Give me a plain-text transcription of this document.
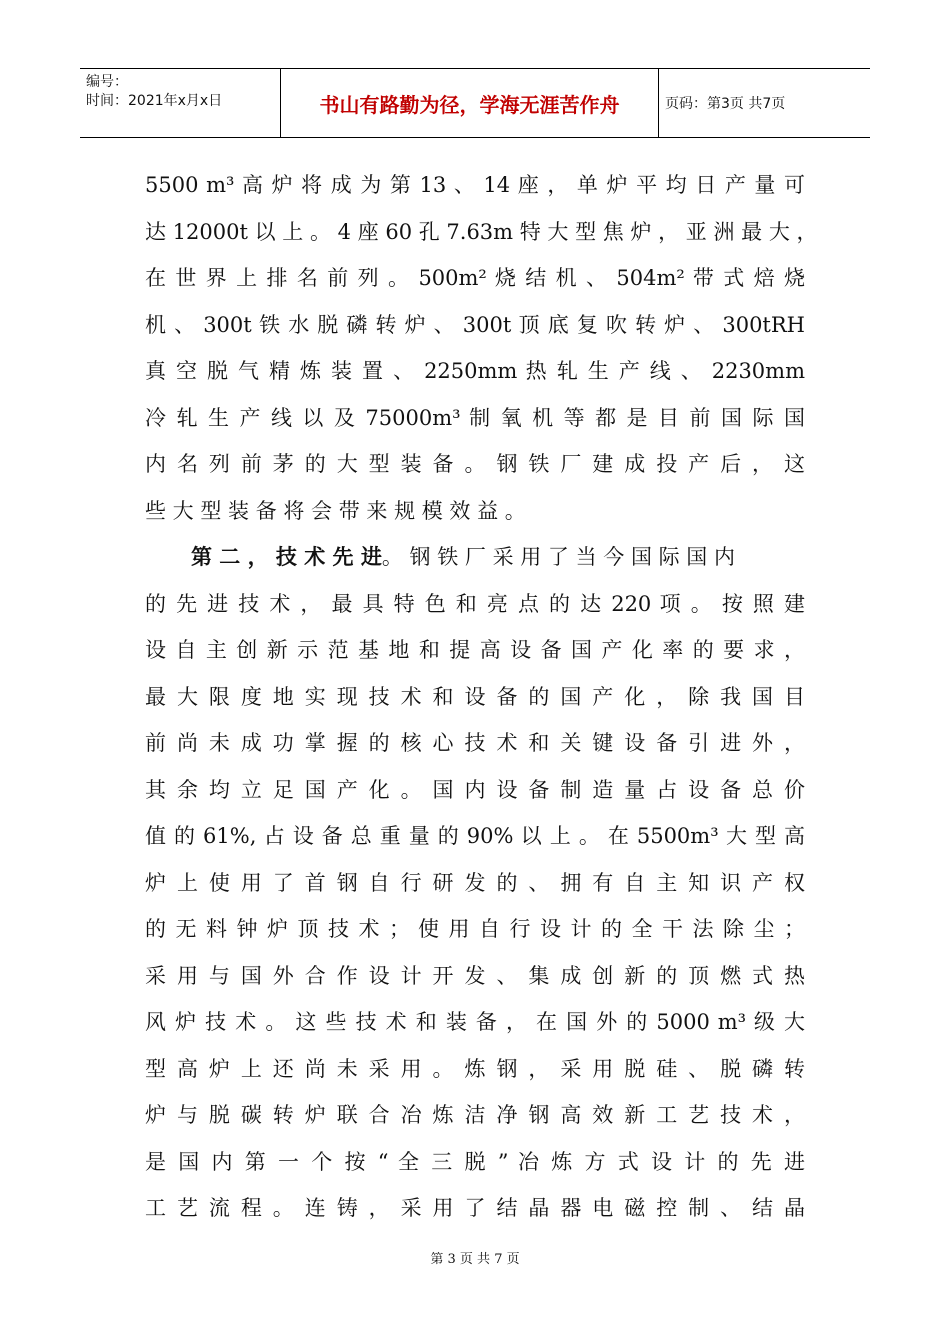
编号：
时间：2021年x月x日	书山有路勤为径，学海无涯苦作舟	页码：第3页 共7页
5500 m³ 高 炉 将 成 为 第 13 、 14 座 ， 单 炉 平 均 日 产 量 可
达 12000t 以 上 。 4 座 60 孔 7.63m 特 大 型 焦 炉 ， 亚 洲 最 大 ，
在 世 界 上 排 名 前 列 。 500m² 烧 结 机 、 504m² 带 式 焙 烧
机 、 300t 铁 水 脱 磷 转 炉 、 300t 顶 底 复 吹 转 炉 、 300tRH
真 空 脱 气 精 炼 装 置 、 2250mm 热 轧 生 产 线 、 2230mm
冷 轧 生 产 线 以 及 75000m³ 制 氧 机 等 都 是 目 前 国 际 国
内 名 列 前 茅 的 大 型 装 备 。 钢 铁 厂 建 成 投 产 后 ， 这
些 大 型 装 备 将 会 带 来 规 模 效 益 。
第 二 ， 技 术 先 进。 钢 铁 厂 采 用 了 当 今 国 际 国 内
的 先 进 技 术 ， 最 具 特 色 和 亮 点 的 达 220 项 。 按 照 建
设 自 主 创 新 示 范 基 地 和 提 高 设 备 国 产 化 率 的 要 求 ，
最 大 限 度 地 实 现 技 术 和 设 备 的 国 产 化 ， 除 我 国 目
前 尚 未 成 功 掌 握 的 核 心 技 术 和 关 键 设 备 引 进 外 ，
其 余 均 立 足 国 产 化 。 国 内 设 备 制 造 量 占 设 备 总 价
值 的 61%, 占 设 备 总 重 量 的 90% 以 上 。 在 5500m³ 大 型 高
炉 上 使 用 了 首 钢 自 行 研 发 的 、 拥 有 自 主 知 识 产 权
的 无 料 钟 炉 顶 技 术 ； 使 用 自 行 设 计 的 全 干 法 除 尘 ；
采 用 与 国 外 合 作 设 计 开 发 、 集 成 创 新 的 顶 燃 式 热
风 炉 技 术 。 这 些 技 术 和 装 备 ， 在 国 外 的 5000 m³ 级 大
型 高 炉 上 还 尚 未 采 用 。 炼 钢 ， 采 用 脱 硅 、 脱 磷 转
炉 与 脱 碳 转 炉 联 合 冶 炼 洁 净 钢 高 效 新 工 艺 技 术 ，
是 国 内 第 一 个 按 “ 全 三 脱 ” 冶 炼 方 式 设 计 的 先 进
工 艺 流 程 。 连 铸 ， 采 用 了 结 晶 器 电 磁 控 制 、 结 晶
第 3 页 共 7 页
